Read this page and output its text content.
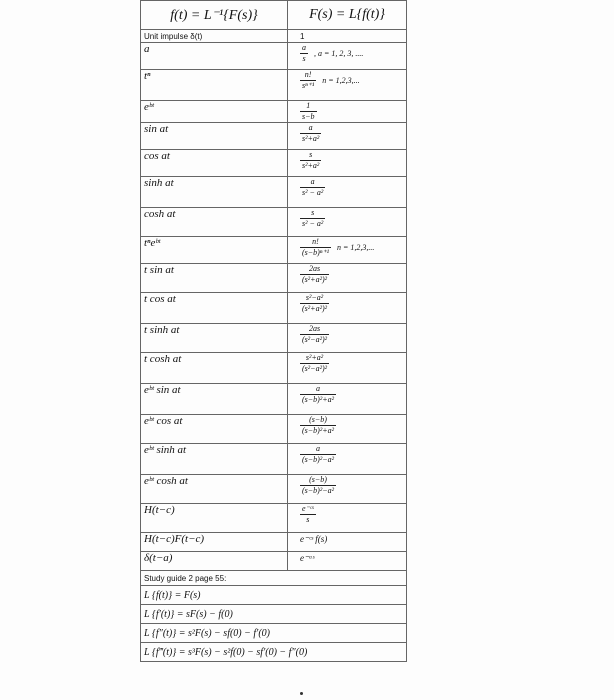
f(t) = L⁻¹{F(s)}	F(s) = L{f(t)}
Unit impulse δ(t)	1
a	$\frac{a}{s}$ , a = 1, 2, 3, ....
tⁿ	$\frac{n!}{\text{sⁿ⁺¹}}$ n = 1,2,3,...
eᵇᵗ	$\frac{1}{s-b}$

sin at	$\frac{a}{\text{s²+a²}}$

cos at	$\frac{s}{\text{s²+a²}}$

sinh at	$\frac{a}{\text{s² − a²}}$

cosh at	$\frac{s}{\text{s² − a²}}$

tⁿeᵇᵗ	$\frac{n!}{\text{(s−b)ⁿ⁺¹}}$ n = 1,2,3,...
t sin at	$\frac{2as}{\text{(s²+a²)²}}$

t cos at	$\frac{\text{s²−a²}}{\text{(s²+a²)²}}$

t sinh at	$\frac{2as}{\text{(s²−a²)²}}$

t cosh at	$\frac{\text{s²+a²}}{\text{(s²−a²)²}}$

eᵇᵗ sin at	$\frac{a}{\text{(s−b)²+a²}}$

eᵇᵗ cos at	$\frac{(s-b)}{\text{(s−b)²+a²}}$

eᵇᵗ sinh at	$\frac{a}{\text{(s−b)²−a²}}$

eᵇᵗ cosh at	$\frac{(s-b)}{\text{(s−b)²−a²}}$

H(t−c)	$\frac{\text{e⁻ᶜˢ}}{s}$

H(t−c)F(t−c)	e⁻ᶜˢ f(s)
δ(t−a)	e⁻ᵃˢ
Study guide 2 page 55:	
L {f(t)} = F(s)	
L {f′(t)} = sF(s) − f(0)	
L {f″(t)} = s²F(s) − sf(0) − f′(0)	
L {f‴(t)} = s³F(s) − s²f(0) − sf′(0) − f″(0)	
